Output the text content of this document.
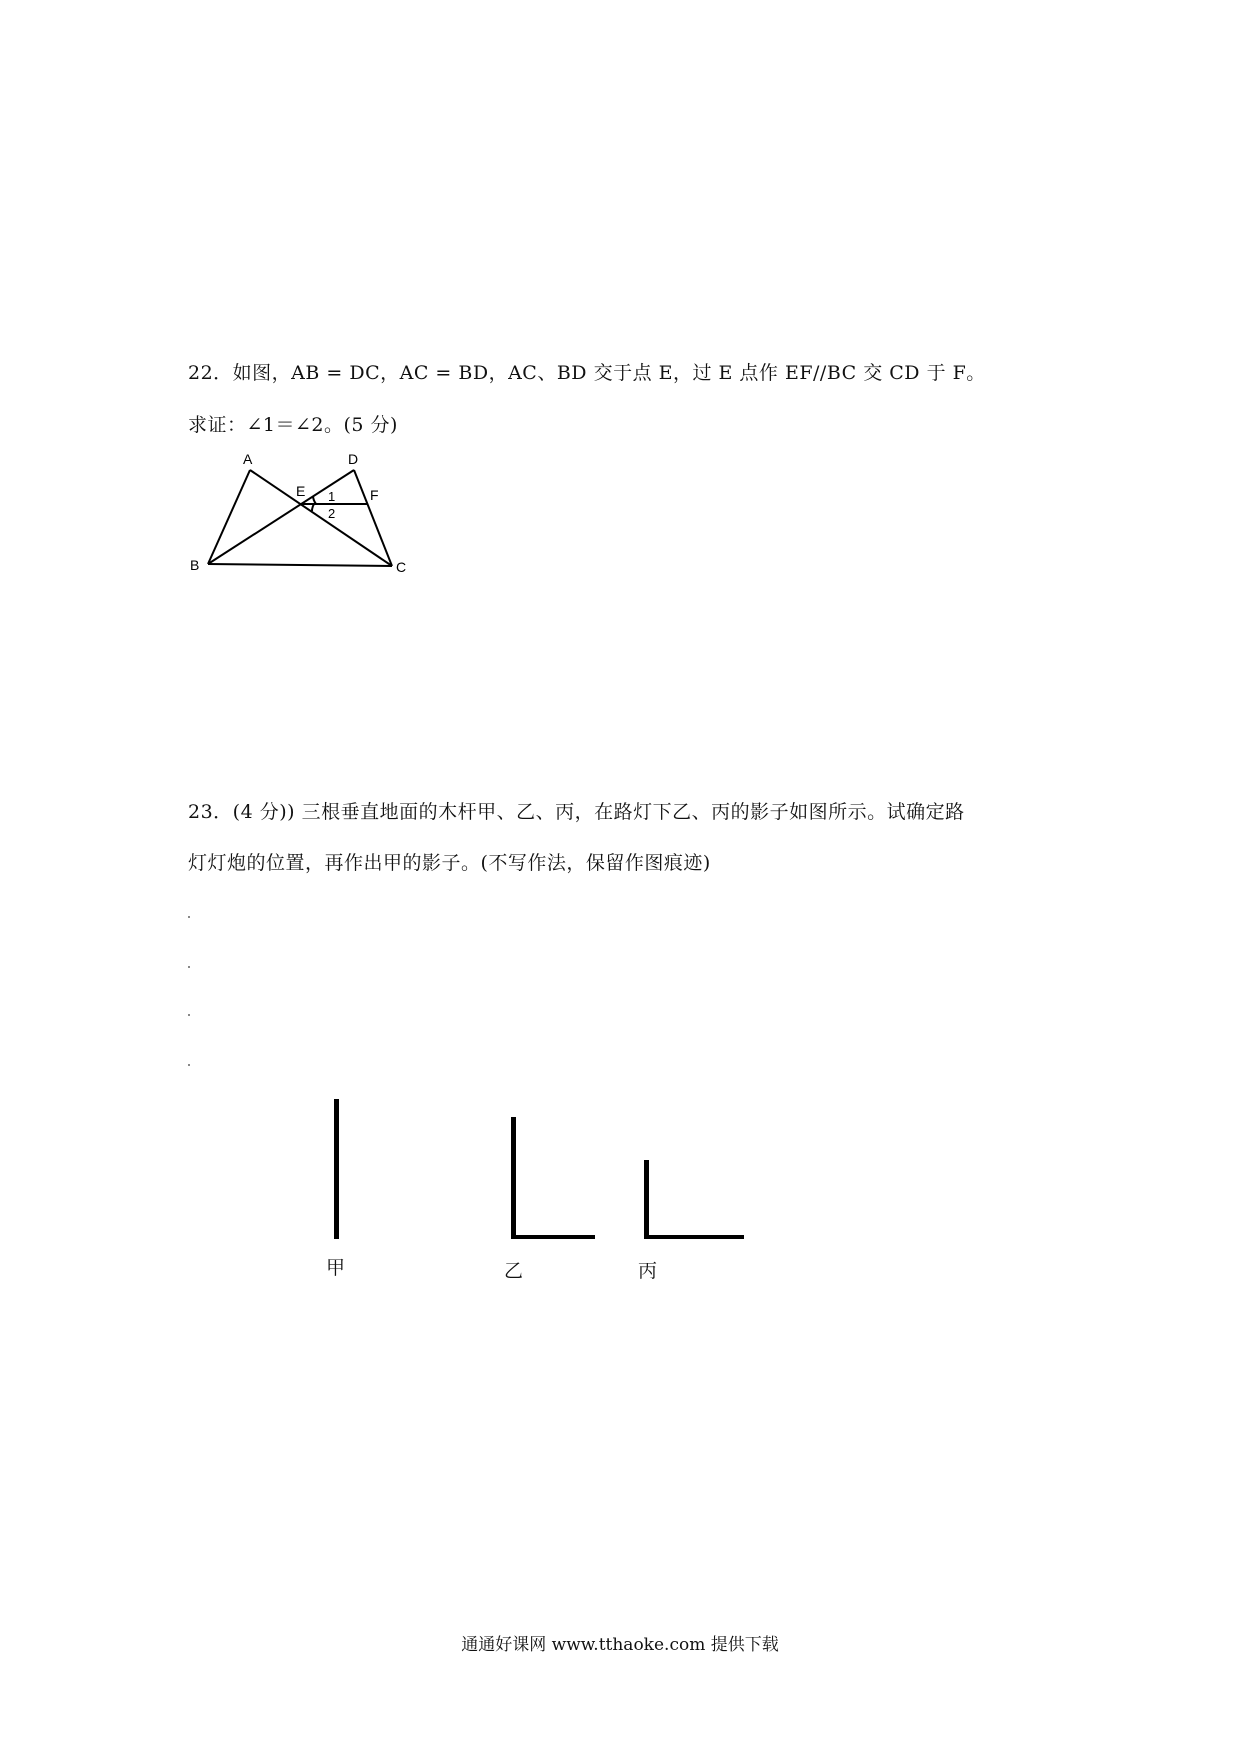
22．如图，AB = DC，AC = BD，AC、BD 交于点 E，过 E 点作 EF//BC 交 CD 于 F。
求证：∠1＝∠2。(5 分)
A	D
E	F
B	C
1
2
23．(4 分)) 三根垂直地面的木杆甲、乙、丙，在路灯下乙、丙的影子如图所示。试确定路
灯灯炮的位置，再作出甲的影子。(不写作法，保留作图痕迹)
甲	乙	丙
通通好课网 www.tthaoke.com 提供下载
